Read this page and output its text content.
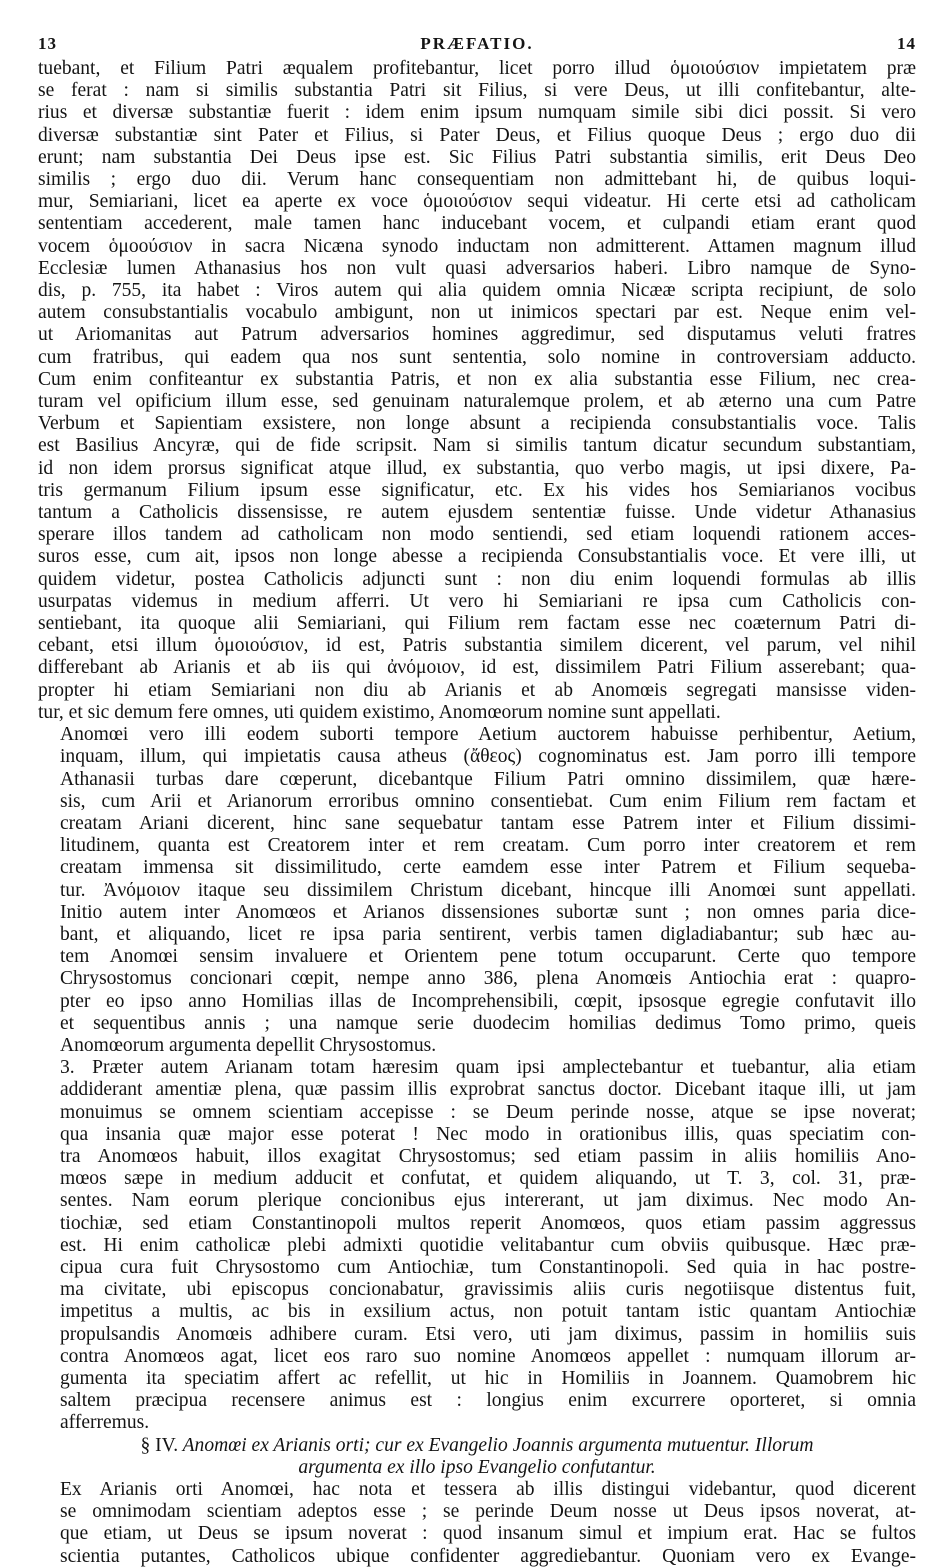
13	PRÆFATIO.	14

tuebant, et Filium Patri æqualem profitebantur, licet porro illud ὁμοιούσιον impietatem præ
se ferat : nam si similis substantia Patri sit Filius, si vere Deus, ut illi confitebantur, alte-
rius et diversæ substantiæ fuerit : idem enim ipsum numquam simile sibi dici possit. Si vero
diversæ substantiæ sint Pater et Filius, si Pater Deus, et Filius quoque Deus ; ergo duo dii
erunt; nam substantia Dei Deus ipse est. Sic Filius Patri substantia similis, erit Deus Deo
similis ; ergo duo dii. Verum hanc consequentiam non admittebant hi, de quibus loqui-
mur, Semiariani, licet ea aperte ex voce ὁμοιούσιον sequi videatur. Hi certe etsi ad catholicam
sententiam accederent, male tamen hanc inducebant vocem, et culpandi etiam erant quod
vocem ὁμοούσιον in sacra Nicæna synodo inductam non admitterent. Attamen magnum illud
Ecclesiæ lumen Athanasius hos non vult quasi adversarios haberi. Libro namque de Syno-
dis, p. 755, ita habet : Viros autem qui alia quidem omnia Nicææ scripta recipiunt, de solo
autem consubstantialis vocabulo ambigunt, non ut inimicos spectari par est. Neque enim vel-
ut Ariomanitas aut Patrum adversarios homines aggredimur, sed disputamus veluti fratres
cum fratribus, qui eadem qua nos sunt sententia, solo nomine in controversiam adducto.
Cum enim confiteantur ex substantia Patris, et non ex alia substantia esse Filium, nec crea-
turam vel opificium illum esse, sed genuinam naturalemque prolem, et ab æterno una cum Patre
Verbum et Sapientiam exsistere, non longe absunt a recipienda consubstantialis voce. Talis
est Basilius Ancyræ, qui de fide scripsit. Nam si similis tantum dicatur secundum substantiam,
id non idem prorsus significat atque illud, ex substantia, quo verbo magis, ut ipsi dixere, Pa-
tris germanum Filium ipsum esse significatur, etc. Ex his vides hos Semiarianos vocibus
tantum a Catholicis dissensisse, re autem ejusdem sententiæ fuisse. Unde videtur Athanasius
sperare illos tandem ad catholicam non modo sentiendi, sed etiam loquendi rationem acces-
suros esse, cum ait, ipsos non longe abesse a recipienda Consubstantialis voce. Et vere illi, ut
quidem videtur, postea Catholicis adjuncti sunt : non diu enim loquendi formulas ab illis
usurpatas videmus in medium afferri. Ut vero hi Semiariani re ipsa cum Catholicis con-
sentiebant, ita quoque alii Semiariani, qui Filium rem factam esse nec coæternum Patri di-
cebant, etsi illum ὁμοιούσιον, id est, Patris substantia similem dicerent, vel parum, vel nihil
differebant ab Arianis et ab iis qui ἀνόμοιον, id est, dissimilem Patri Filium asserebant; qua-
propter hi etiam Semiariani non diu ab Arianis et ab Anomœis segregati mansisse viden-
tur, et sic demum fere omnes, uti quidem existimo, Anomœorum nomine sunt appellati.

Anomœi vero illi eodem suborti tempore Aetium auctorem habuisse perhibentur, Aetium,
inquam, illum, qui impietatis causa atheus (ἄθεος) cognominatus est. Jam porro illi tempore
Athanasii turbas dare cœperunt, dicebantque Filium Patri omnino dissimilem, quæ hære-
sis, cum Arii et Arianorum erroribus omnino consentiebat. Cum enim Filium rem factam et
creatam Ariani dicerent, hinc sane sequebatur tantam esse Patrem inter et Filium dissimi-
litudinem, quanta est Creatorem inter et rem creatam. Cum porro inter creatorem et rem
creatam immensa sit dissimilitudo, certe eamdem esse inter Patrem et Filium sequeba-
tur. Ἀνόμοιον itaque seu dissimilem Christum dicebant, hincque illi Anomœi sunt appellati.
Initio autem inter Anomœos et Arianos dissensiones subortæ sunt ; non omnes paria dice-
bant, et aliquando, licet re ipsa paria sentirent, verbis tamen digladiabantur; sub hæc au-
tem Anomœi sensim invaluere et Orientem pene totum occuparunt. Certe quo tempore
Chrysostomus concionari cœpit, nempe anno 386, plena Anomœis Antiochia erat : quapro-
pter eo ipso anno Homilias illas de Incomprehensibili, cœpit, ipsosque egregie confutavit illo
et sequentibus annis ; una namque serie duodecim homilias dedimus Tomo primo, queis
Anomœorum argumenta depellit Chrysostomus.

3. Præter autem Arianam totam hæresim quam ipsi amplectebantur et tuebantur, alia etiam
addiderant amentiæ plena, quæ passim illis exprobrat sanctus doctor. Dicebant itaque illi, ut jam
monuimus se omnem scientiam accepisse : se Deum perinde nosse, atque se ipse noverat;
qua insania quæ major esse poterat ! Nec modo in orationibus illis, quas speciatim con-
tra Anomœos habuit, illos exagitat Chrysostomus; sed etiam passim in aliis homiliis Ano-
mœos sæpe in medium adducit et confutat, et quidem aliquando, ut T. 3, col. 31, præ-
sentes. Nam eorum plerique concionibus ejus intererant, ut jam diximus. Nec modo An-
tiochiæ, sed etiam Constantinopoli multos reperit Anomœos, quos etiam passim aggressus
est. Hi enim catholicæ plebi admixti quotidie velitabantur cum obviis quibusque. Hæc præ-
cipua cura fuit Chrysostomo cum Antiochiæ, tum Constantinopoli. Sed quia in hac postre-
ma civitate, ubi episcopus concionabatur, gravissimis aliis curis negotiisque distentus fuit,
impetitus a multis, ac bis in exsilium actus, non potuit tantam istic quantam Antiochiæ
propulsandis Anomœis adhibere curam. Etsi vero, uti jam diximus, passim in homiliis suis
contra Anomœos agat, licet eos raro suo nomine Anomœos appellet : numquam illorum ar-
gumenta ita speciatim affert ac refellit, ut hic in Homiliis in Joannem. Quamobrem hic
saltem præcipua recensere animus est : longius enim excurrere oporteret, si omnia
afferremus.

§ IV. Anomœi ex Arianis orti; cur ex Evangelio Joannis argumenta mutuentur. Illorum
argumenta ex illo ipso Evangelio confutantur.

Ex Arianis orti Anomœi, hac nota et tessera ab illis distingui videbantur, quod dicerent
se omnimodam scientiam adeptos esse ; se perinde Deum nosse ut Deus ipsos noverat, at-
que etiam, ut Deus se ipsum noverat : quod insanum simul et impium erat. Hac se fultos
scientia putantes, Catholicos ubique confidenter aggrediebantur. Quoniam vero ex Evange-
